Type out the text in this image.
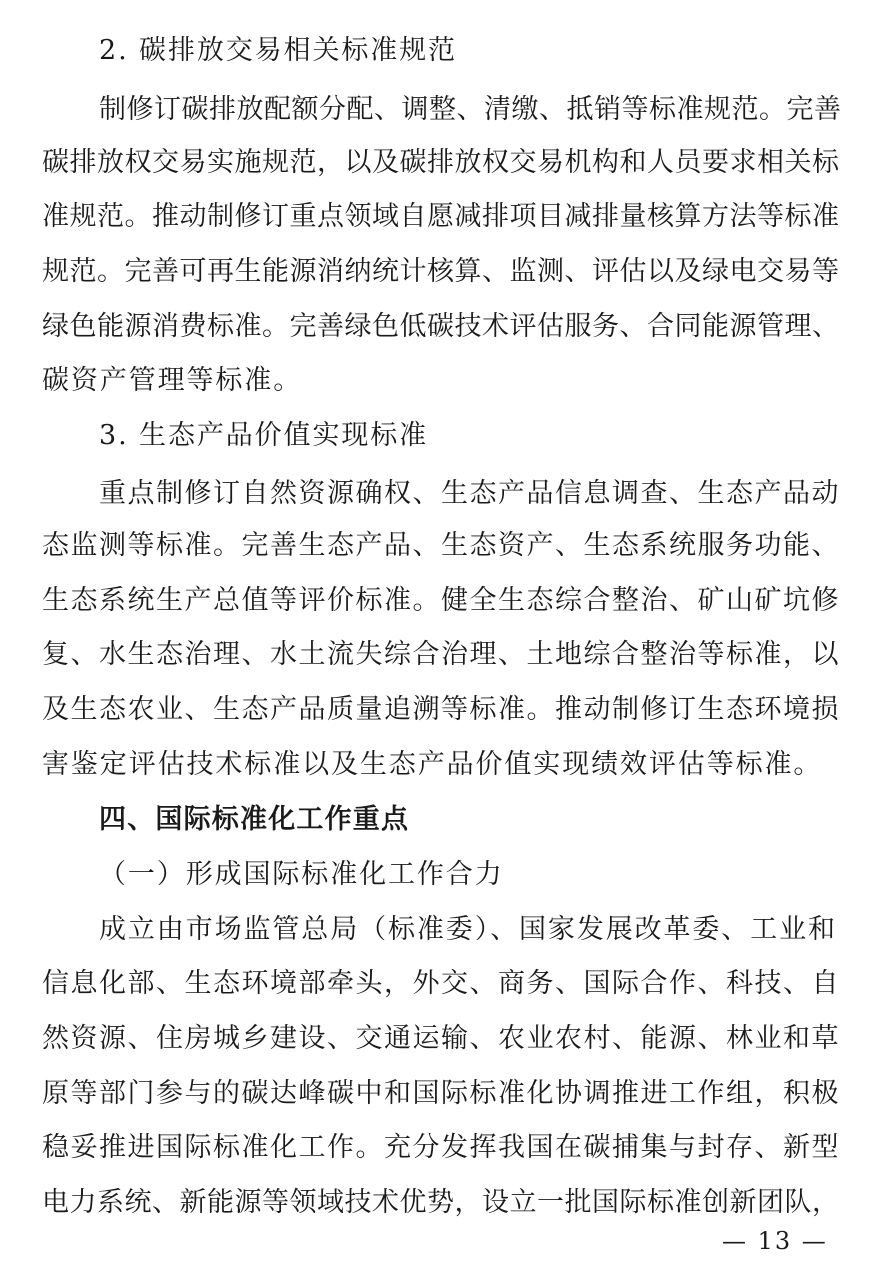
2. 碳排放交易相关标准规范
制修订碳排放配额分配、调整、清缴、抵销等标准规范。完善
碳排放权交易实施规范，以及碳排放权交易机构和人员要求相关标
准规范。推动制修订重点领域自愿减排项目减排量核算方法等标准
规范。完善可再生能源消纳统计核算、监测、评估以及绿电交易等
绿色能源消费标准。完善绿色低碳技术评估服务、合同能源管理、
碳资产管理等标准。
3. 生态产品价值实现标准
重点制修订自然资源确权、生态产品信息调查、生态产品动
态监测等标准。完善生态产品、生态资产、生态系统服务功能、
生态系统生产总值等评价标准。健全生态综合整治、矿山矿坑修
复、水生态治理、水土流失综合治理、土地综合整治等标准，以
及生态农业、生态产品质量追溯等标准。推动制修订生态环境损
害鉴定评估技术标准以及生态产品价值实现绩效评估等标准。
四、国际标准化工作重点
（一）形成国际标准化工作合力
成立由市场监管总局（标准委）、国家发展改革委、工业和
信息化部、生态环境部牵头，外交、商务、国际合作、科技、自
然资源、住房城乡建设、交通运输、农业农村、能源、林业和草
原等部门参与的碳达峰碳中和国际标准化协调推进工作组，积极
稳妥推进国际标准化工作。充分发挥我国在碳捕集与封存、新型
电力系统、新能源等领域技术优势，设立一批国际标准创新团队，
— 13 —
